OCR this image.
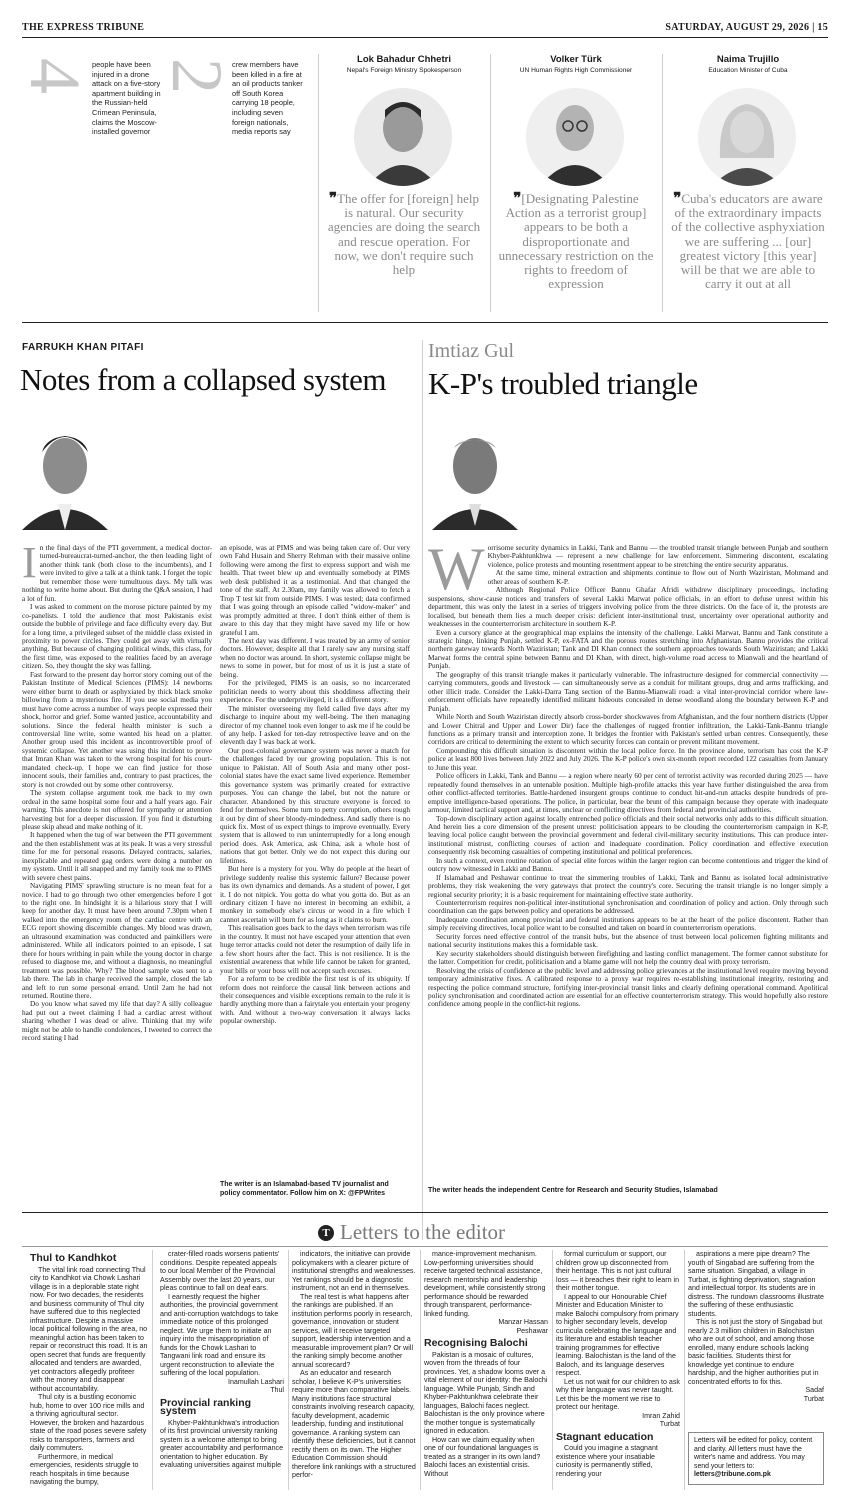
THE EXPRESS TRIBUNE	SATURDAY, AUGUST 29, 2026 | 15
4
people have been injured in a drone attack on a five-story apartment building in the Russian-held Crimean Peninsula, claims the Moscow-installed governor
2
crew members have been killed in a fire at an oil products tanker off South Korea carrying 18 people, including seven foreign nationals, media reports say
Lok Bahadur Chhetri
Nepal's Foreign Ministry Spokesperson
❞The offer for [foreign] help is natural. Our security agencies are doing the search and rescue operation. For now, we don't require such help
Volker Türk
UN Human Rights High Commissioner
❞[Designating Palestine Action as a terrorist group] appears to be both a disproportionate and unnecessary restriction on the rights to freedom of expression
Naima Trujillo
Education Minister of Cuba
❞Cuba's educators are aware of the extraordinary impacts of the collective asphyxiation we are suffering ... [our] greatest victory [this year] will be that we are able to carry it out at all
FARRUKH KHAN PITAFI
Notes from a collapsed system
I n the final days of the PTI government, a medical doctor-turned-bureaucrat-turned-anchor, the then leading light of another think tank (both close to the incumbents), and I were invited to give a talk at a think tank. I forget the topic but remember those were tumultuous days. My talk was nothing to write home about. But during the Q&A session, I had a lot of fun.

I was asked to comment on the morose picture painted by my co-panelists. I told the audience that most Pakistanis exist outside the bubble of privilege and face difficulty every day. But for a long time, a privileged subset of the middle class existed in proximity to power circles. They could get away with virtually anything. But because of changing political winds, this class, for the first time, was exposed to the realities faced by an average citizen. So, they thought the sky was falling.

Fast forward to the present day horror story coming out of the Pakistan Institute of Medical Sciences (PIMS): 14 newborns were either burnt to death or asphyxiated by thick black smoke billowing from a mysterious fire. If you use social media you must have come across a number of ways people expressed their shock, horror and grief. Some wanted justice, accountability and solutions. Since the federal health minister is such a controversial line write, some wanted his head on a platter. Another group used this incident as incontrovertible proof of systemic collapse. Yet another was using this incident to prove that Imran Khan was taken to the wrong hospital for his court-mandated check-up. I hope we can find justice for those innocent souls, their families and, contrary to past practices, the story is not crowded out by some other controversy.

The system collapse argument took me back to my own ordeal in the same hospital some four and a half years ago. Fair warning. This anecdote is not offered for sympathy or attention harvesting but for a deeper discussion. If you find it disturbing please skip ahead and make nothing of it.

It happened when the tug of war between the PTI government and the then establishment was at its peak. It was a very stressful time for me for personal reasons. Delayed contracts, salaries, inexplicable and repeated gag orders were doing a number on my system. Until it all snapped and my family took me to PIMS with severe chest pains.

Navigating PIMS' sprawling structure is no mean feat for a novice. I had to go through two other emergencies before I got to the right one. In hindsight it is a hilarious story that I will keep for another day. It must have been around 7.30pm when I walked into the emergency room of the cardiac centre with an ECG report showing discernible changes. My blood was drawn, an ultrasound examination was conducted and painkillers were administered. While all indicators pointed to an episode, I sat there for hours writhing in pain while the young doctor in charge refused to diagnose me, and without a diagnosis, no meaningful treatment was possible. Why? The blood sample was sent to a lab there. The lab in charge received the sample, closed the lab and left to run some personal errand. Until 2am he had not returned. Routine there.

Do you know what saved my life that day? A silly colleague had put out a tweet claiming I had a cardiac arrest without sharing whether I was dead or alive. Thinking that my wife might not be able to handle condolences, I tweeted to correct the record stating I had

an episode, was at PIMS and was being taken care of. Our very own Fahd Husain and Sherry Rehman with their massive online following were among the first to express support and wish me health. That tweet blew up and eventually somebody at PIMS web desk published it as a testimonial. And that changed the tone of the staff. At 2.30am, my family was allowed to fetch a Trop T test kit from outside PIMS. I was tested; data confirmed that I was going through an episode called "widow-maker" and was promptly admitted at three. I don't think either of them is aware to this day that they might have saved my life or how grateful I am.

The next day was different. I was treated by an army of senior doctors. However, despite all that I rarely saw any nursing staff when no doctor was around. In short, systemic collapse might be news to some in power, but for most of us it is just a state of being.

For the privileged, PIMS is an oasis, so no incarcerated politician needs to worry about this shoddiness affecting their experience. For the underprivileged, it is a different story.

The minister overseeing my field called five days after my discharge to inquire about my well-being. The then managing director of my channel took even longer to ask me if he could be of any help. I asked for ten-day retrospective leave and on the eleventh day I was back at work.

Our post-colonial governance system was never a match for the challenges faced by our growing population. This is not unique to Pakistan. All of South Asia and many other post-colonial states have the exact same lived experience. Remember this governance system was primarily created for extractive purposes. You can change the label, but not the nature or character. Abandoned by this structure everyone is forced to fend for themselves. Some turn to petty corruption, others rough it out by dint of sheer bloody-mindedness. And sadly there is no quick fix. Most of us expect things to improve eventually. Every system that is allowed to run uninterruptedly for a long enough period does. Ask America, ask China, ask a whole host of nations that got better. Only we do not expect this during our lifetimes.

But here is a mystery for you. Why do people at the heart of privilege suddenly realise this systemic failure? Because power has its own dynamics and demands. As a student of power, I get it. I do not nitpick. You gotta do what you gotta do. But as an ordinary citizen I have no interest in becoming an exhibit, a monkey in somebody else's circus or wood in a fire which I cannot ascertain will burn for as long as it claims to burn.

This realisation goes back to the days when terrorism was rife in the country. It must not have escaped your attention that even huge terror attacks could not deter the resumption of daily life in a few short hours after the fact. This is not resilience. It is the existential awareness that while life cannot be taken for granted, your bills or your boss will not accept such excuses.

For a reform to be credible the first test is of its ubiquity. If reform does not reinforce the causal link between actions and their consequences and visible exceptions remain to the rule it is hardly anything more than a fairytale you entertain your progeny with. And without a two-way conversation it always lacks popular ownership.

The writer is an Islamabad-based TV journalist and policy commentator. Follow him on X: @FPWrites
Imtiaz Gul
K-P's troubled triangle
W orrisome security dynamics in Lakki, Tank and Bannu — the troubled transit triangle between Punjab and southern Khyber-Pakhtunkhwa — represent a new challenge for law enforcement. Simmering discontent, escalating violence, police protests and mounting resentment appear to be stretching the entire security apparatus.

At the same time, mineral extraction and shipments continue to flow out of North Waziristan, Mohmand and other areas of southern K-P.

Although Regional Police Officer Bannu Ghafar Afridi withdrew disciplinary proceedings, including suspensions, show-cause notices and transfers of several Lakki Marwat police officials, in an effort to defuse unrest within his department, this was only the latest in a series of triggers involving police from the three districts. On the face of it, the protests are localised, but beneath them lies a much deeper crisis: deficient inter-institutional trust, uncertainty over operational authority and weaknesses in the counterterrorism architecture in southern K-P.

Even a cursory glance at the geographical map explains the intensity of the challenge. Lakki Marwat, Bannu and Tank constitute a strategic hinge, linking Punjab, settled K-P, ex-FATA and the porous routes stretching into Afghanistan. Bannu provides the critical northern gateway towards North Waziristan; Tank and DI Khan connect the southern approaches towards South Waziristan; and Lakki Marwat forms the central spine between Bannu and DI Khan, with direct, high-volume road access to Mianwali and the heartland of Punjab.

The geography of this transit triangle makes it particularly vulnerable. The infrastructure designed for commercial connectivity — carrying commuters, goods and livestock — can simultaneously serve as a conduit for militant groups, drug and arms trafficking, and other illicit trade. Consider the Lakki-Darra Tang section of the Bannu-Mianwali road: a vital inter-provincial corridor where law-enforcement officials have repeatedly identified militant hideouts concealed in dense woodland along the boundary between K-P and Punjab.

While North and South Waziristan directly absorb cross-border shockwaves from Afghanistan, and the four northern districts (Upper and Lower Chitral and Upper and Lower Dir) face the challenges of rugged frontier infiltration, the Lakki-Tank-Bannu triangle functions as a primary transit and interception zone. It bridges the frontier with Pakistan's settled urban centres. Consequently, these corridors are critical to determining the extent to which security forces can contain or prevent militant movement.

Compounding this difficult situation is discontent within the local police force. In the province alone, terrorism has cost the K-P police at least 800 lives between July 2022 and July 2026. The K-P police's own six-month report recorded 122 casualties from January to June this year.

Police officers in Lakki, Tank and Bannu — a region where nearly 60 per cent of terrorist activity was recorded during 2025 — have repeatedly found themselves in an untenable position. Multiple high-profile attacks this year have further distinguished the area from other conflict-affected territories. Battle-hardened insurgent groups continue to conduct hit-and-run attacks despite hundreds of pre-emptive intelligence-based operations. The police, in particular, bear the brunt of this campaign because they operate with inadequate armour, limited tactical support and, at times, unclear or conflicting directives from federal and provincial authorities.

Top-down disciplinary action against locally entrenched police officials and their social networks only adds to this difficult situation. And herein lies a core dimension of the present unrest: politicisation appears to be clouding the counterterrorism campaign in K-P, leaving local police caught between the provincial government and federal civil-military security institutions. This can produce inter-institutional mistrust, conflicting courses of action and inadequate coordination. Policy coordination and effective execution consequently risk becoming casualties of competing institutional and political preferences.

In such a context, even routine rotation of special elite forces within the larger region can become contentious and trigger the kind of outcry now witnessed in Lakki and Bannu.

If Islamabad and Peshawar continue to treat the simmering troubles of Lakki, Tank and Bannu as isolated local administrative problems, they risk weakening the very gateways that protect the country's core. Securing the transit triangle is no longer simply a regional security priority; it is a basic requirement for maintaining effective state authority.

Counterterrorism requires non-political inter-institutional synchronisation and coordination of policy and action. Only through such coordination can the gaps between policy and operations be addressed.

Inadequate coordination among provincial and federal institutions appears to be at the heart of the police discontent. Rather than simply receiving directives, local police want to be consulted and taken on board in counterterrorism operations.

Security forces need effective control of the transit hubs, but the absence of trust between local policemen fighting militants and national security institutions makes this a formidable task.

Key security stakeholders should distinguish between firefighting and lasting conflict management. The former cannot substitute for the latter. Competition for credit, politicisation and a blame game will not help the country deal with proxy terrorism.

Resolving the crisis of confidence at the public level and addressing police grievances at the institutional level require moving beyond temporary administrative fixes. A calibrated response to a proxy war requires re-establishing institutional integrity, restoring and respecting the police command structure, fortifying inter-provincial transit links and clearly defining operational command. Apolitical policy synchronisation and coordinated action are essential for an effective counterterrorism strategy. This would hopefully also restore confidence among people in the conflict-hit regions.

The writer heads the independent Centre for Research and Security Studies, Islamabad
T Letters to the editor
Thul to Kandhkot

The vital link road connecting Thul city to Kandhkot via Chowk Lashari village is in a deplorable state right now. For two decades, the residents and business community of Thul city have suffered due to this neglected infrastructure. Despite a massive local political following in the area, no meaningful action has been taken to repair or reconstruct this road. It is an open secret that funds are frequently allocated and tenders are awarded, yet contractors allegedly profiteer with the money and disappear without accountability.

Thul city is a bustling economic hub, home to over 100 rice mills and a thriving agricultural sector. However, the broken and hazardous state of the road poses severe safety risks to transporters, farmers and daily commuters.

Furthermore, in medical emergencies, residents struggle to reach hospitals in time because navigating the bumpy,

crater-filled roads worsens patients' conditions. Despite repeated appeals to our local Member of the Provincial Assembly over the last 20 years, our pleas continue to fall on deaf ears.

I earnestly request the higher authorities, the provincial government and anti-corruption watchdogs to take immediate notice of this prolonged neglect. We urge them to initiate an inquiry into the misappropriation of funds for the Chowk Lashari to Tangwani link road and ensure its urgent reconstruction to alleviate the suffering of the local population.

Inamullah Lashari

Thul

Provincial ranking system

Khyber-Pakhtunkhwa's introduction of its first provincial university ranking system is a welcome attempt to bring greater accountability and performance orientation to higher education. By evaluating universities against multiple

indicators, the initiative can provide policymakers with a clearer picture of institutional strengths and weaknesses. Yet rankings should be a diagnostic instrument, not an end in themselves.

The real test is what happens after the rankings are published. If an institution performs poorly in research, governance, innovation or student services, will it receive targeted support, leadership intervention and a measurable improvement plan? Or will the ranking simply become another annual scorecard?

As an educator and research scholar, I believe K-P's universities require more than comparative labels. Many institutions face structural constraints involving research capacity, faculty development, academic leadership, funding and institutional governance. A ranking system can identify these deficiencies, but it cannot rectify them on its own. The Higher Education Commission should therefore link rankings with a structured perfor-

mance-improvement mechanism. Low-performing universities should receive targeted technical assistance, research mentorship and leadership development, while consistently strong performance should be rewarded through transparent, performance-linked funding.

Manzar Hassan

Peshawar

Recognising Balochi

Pakistan is a mosaic of cultures, woven from the threads of four provinces. Yet, a shadow looms over a vital element of our identity: the Balochi language. While Punjab, Sindh and Khyber-Pakhtunkhwa celebrate their languages, Balochi faces neglect. Balochistan is the only province where the mother tongue is systematically ignored in education.

How can we claim equality when one of our foundational languages is treated as a stranger in its own land? Balochi faces an existential crisis. Without

formal curriculum or support, our children grow up disconnected from their heritage. This is not just cultural loss — it breaches their right to learn in their mother tongue.

I appeal to our Honourable Chief Minister and Education Minister to make Balochi compulsory from primary to higher secondary levels, develop curricula celebrating the language and its literature and establish teacher training programmes for effective learning. Balochistan is the land of the Baloch, and its language deserves respect.

Let us not wait for our children to ask why their language was never taught. Let this be the moment we rise to protect our heritage.

Imran Zahid

Turbat

Stagnant education

Could you imagine a stagnant existence where your insatiable curiosity is permanently stifled, rendering your

aspirations a mere pipe dream? The youth of Singabad are suffering from the same situation. Singabad, a village in Turbat, is fighting deprivation, stagnation and intellectual torpor. Its students are in distress. The rundown classrooms illustrate the suffering of these enthusiastic students.

This is not just the story of Singabad but nearly 2.3 million children in Balochistan who are out of school, and among those enrolled, many endure schools lacking basic facilities. Students thirst for knowledge yet continue to endure hardship, and the higher authorities put in concentrated efforts to fix this.

Sadaf

Turbat

Letters will be edited for policy, content and clarity. All letters must have the writer's name and address. You may send your letters to:
letters@tribune.com.pk
